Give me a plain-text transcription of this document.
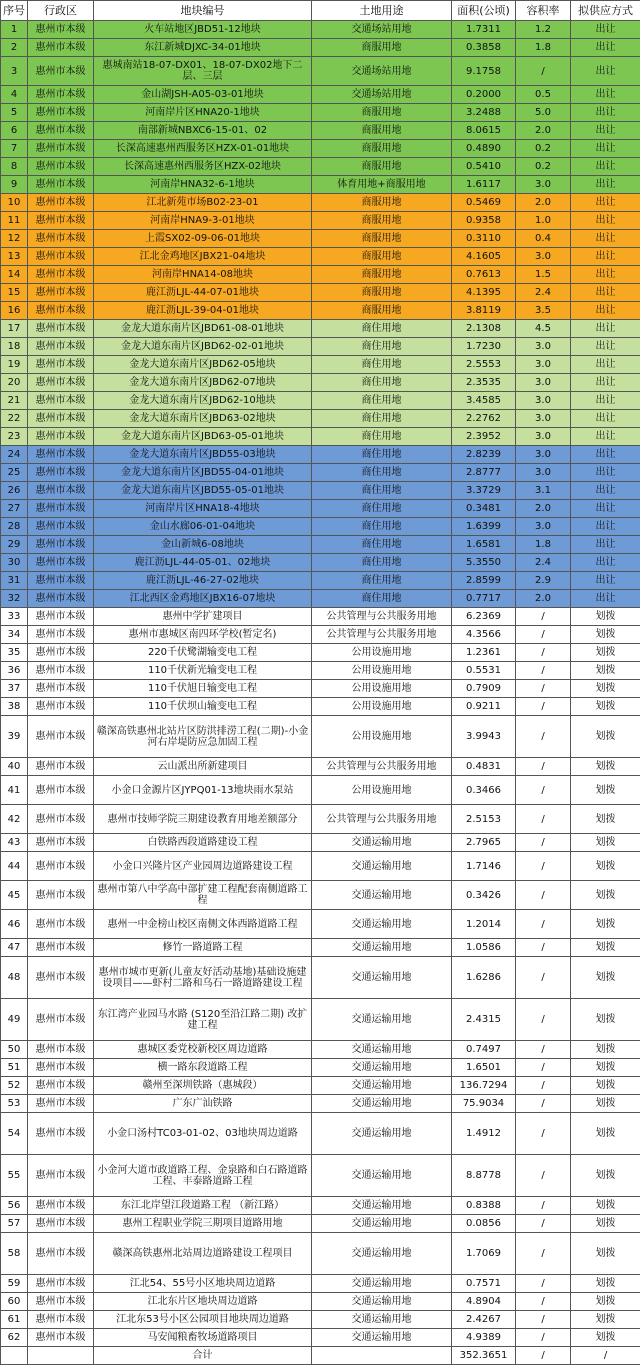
序号	行政区	地块编号	土地用途	面积(公顷)	容积率	拟供应方式
1	惠州市本级	火车站地区JBD51-12地块	交通场站用地	1.7311	1.2	出让
2	惠州市本级	东江新城DJXC-34-01地块	商服用地	0.3858	1.8	出让
3	惠州市本级	惠城南站18-07-DX01、18-07-DX02地下二层、三层	交通场站用地	9.1758	/	出让
4	惠州市本级	金山湖JSH-A05-03-01地块	交通场站用地	0.2000	0.5	出让
5	惠州市本级	河南岸片区HNA20-1地块	商服用地	3.2488	5.0	出让
6	惠州市本级	南部新城NBXC6-15-01、02	商服用地	8.0615	2.0	出让
7	惠州市本级	长深高速惠州西服务区HZX-01-01地块	商服用地	0.4890	0.2	出让
8	惠州市本级	长深高速惠州西服务区HZX-02地块	商服用地	0.5410	0.2	出让
9	惠州市本级	河南岸HNA32-6-1地块	体育用地+商服用地	1.6117	3.0	出让
10	惠州市本级	江北新苑市场B02-23-01	商服用地	0.5469	2.0	出让
11	惠州市本级	河南岸HNA9-3-01地块	商服用地	0.9358	1.0	出让
12	惠州市本级	上霞SX02-09-06-01地块	商服用地	0.3110	0.4	出让
13	惠州市本级	江北金鸡地区JBX21-04地块	商服用地	4.1605	3.0	出让
14	惠州市本级	河南岸HNA14-08地块	商服用地	0.7613	1.5	出让
15	惠州市本级	鹿江沥LJL-44-07-01地块	商服用地	4.1395	2.4	出让
16	惠州市本级	鹿江沥LJL-39-04-01地块	商服用地	3.8119	3.5	出让
17	惠州市本级	金龙大道东南片区JBD61-08-01地块	商住用地	2.1308	4.5	出让
18	惠州市本级	金龙大道东南片区JBD62-02-01地块	商住用地	1.7230	3.0	出让
19	惠州市本级	金龙大道东南片区JBD62-05地块	商住用地	2.5553	3.0	出让
20	惠州市本级	金龙大道东南片区JBD62-07地块	商住用地	2.3535	3.0	出让
21	惠州市本级	金龙大道东南片区JBD62-10地块	商住用地	3.4585	3.0	出让
22	惠州市本级	金龙大道东南片区JBD63-02地块	商住用地	2.2762	3.0	出让
23	惠州市本级	金龙大道东南片区JBD63-05-01地块	商住用地	2.3952	3.0	出让
24	惠州市本级	金龙大道东南片区JBD55-03地块	商住用地	2.8239	3.0	出让
25	惠州市本级	金龙大道东南片区JBD55-04-01地块	商住用地	2.8777	3.0	出让
26	惠州市本级	金龙大道东南片区JBD55-05-01地块	商住用地	3.3729	3.1	出让
27	惠州市本级	河南岸片区HNA18-4地块	商住用地	0.3481	2.0	出让
28	惠州市本级	金山水廊06-01-04地块	商住用地	1.6399	3.0	出让
29	惠州市本级	金山新城6-08地块	商住用地	1.6581	1.8	出让
30	惠州市本级	鹿江沥LJL-44-05-01、02地块	商住用地	5.3550	2.4	出让
31	惠州市本级	鹿江沥LJL-46-27-02地块	商住用地	2.8599	2.9	出让
32	惠州市本级	江北西区金鸡地区JBX16-07地块	商住用地	0.7717	2.0	出让
33	惠州市本级	惠州中学扩建项目	公共管理与公共服务用地	6.2369	/	划拨
34	惠州市本级	惠州市惠城区南四环学校(暂定名)	公共管理与公共服务用地	4.3566	/	划拨
35	惠州市本级	220千伏鹭湖输变电工程	公用设施用地	1.2361	/	划拨
36	惠州市本级	110千伏新光输变电工程	公用设施用地	0.5531	/	划拨
37	惠州市本级	110千伏旭日输变电工程	公用设施用地	0.7909	/	划拨
38	惠州市本级	110千伏坝山输变电工程	公用设施用地	0.9211	/	划拨
39	惠州市本级	赣深高铁惠州北站片区防洪排涝工程(二期)-小金河右岸堤防应急加固工程	公用设施用地	3.9943	/	划拨
40	惠州市本级	云山派出所新建项目	公共管理与公共服务用地	0.4831	/	划拨
41	惠州市本级	小金口金源片区JYPQ01-13地块雨水泵站	公用设施用地	0.3466	/	划拨
42	惠州市本级	惠州市技师学院三期建设教育用地差额部分	公共管理与公共服务用地	2.5153	/	划拨
43	惠州市本级	白铁路西段道路建设工程	交通运输用地	2.7965	/	划拨
44	惠州市本级	小金口兴隆片区产业园周边道路建设工程	交通运输用地	1.7146	/	划拨
45	惠州市本级	惠州市第八中学高中部扩建工程配套南侧道路工程	交通运输用地	0.3426	/	划拨
46	惠州市本级	惠州一中金榜山校区南侧文体西路道路工程	交通运输用地	1.2014	/	划拨
47	惠州市本级	修竹一路道路工程	交通运输用地	1.0586	/	划拨
48	惠州市本级	惠州市城市更新(儿童友好活动基地)基础设施建设项目——虾村二路和乌石一路道路建设工程	交通运输用地	1.6286	/	划拨
49	惠州市本级	东江湾产业园马水路 (S120至沿江路二期) 改扩建工程	交通运输用地	2.4315	/	划拨
50	惠州市本级	惠城区委党校新校区周边道路	交通运输用地	0.7497	/	划拨
51	惠州市本级	横一路东段道路工程	交通运输用地	1.6501	/	划拨
52	惠州市本级	赣州至深圳铁路（惠城段）	交通运输用地	136.7294	/	划拨
53	惠州市本级	广东广汕铁路	交通运输用地	75.9034	/	划拨
54	惠州市本级	小金口汤村TC03-01-02、03地块周边道路	交通运输用地	1.4912	/	划拨
55	惠州市本级	小金河大道市政道路工程、金泉路和白石路道路工程、丰泰路道路工程	交通运输用地	8.8778	/	划拨
56	惠州市本级	东江北岸望江段道路工程 （新江路）	交通运输用地	0.8388	/	划拨
57	惠州市本级	惠州工程职业学院三期项目道路用地	交通运输用地	0.0856	/	划拨
58	惠州市本级	赣深高铁惠州北站周边道路建设工程项目	交通运输用地	1.7069	/	划拨
59	惠州市本级	江北54、55号小区地块周边道路	交通运输用地	0.7571	/	划拨
60	惠州市本级	江北东片区地块周边道路	交通运输用地	4.8904	/	划拨
61	惠州市本级	江北东53号小区公园项目地块周边道路	交通运输用地	2.4267	/	划拨
62	惠州市本级	马安闻粮畜牧场道路项目	交通运输用地	4.9389	/	划拨
		合计		352.3651	/	/
